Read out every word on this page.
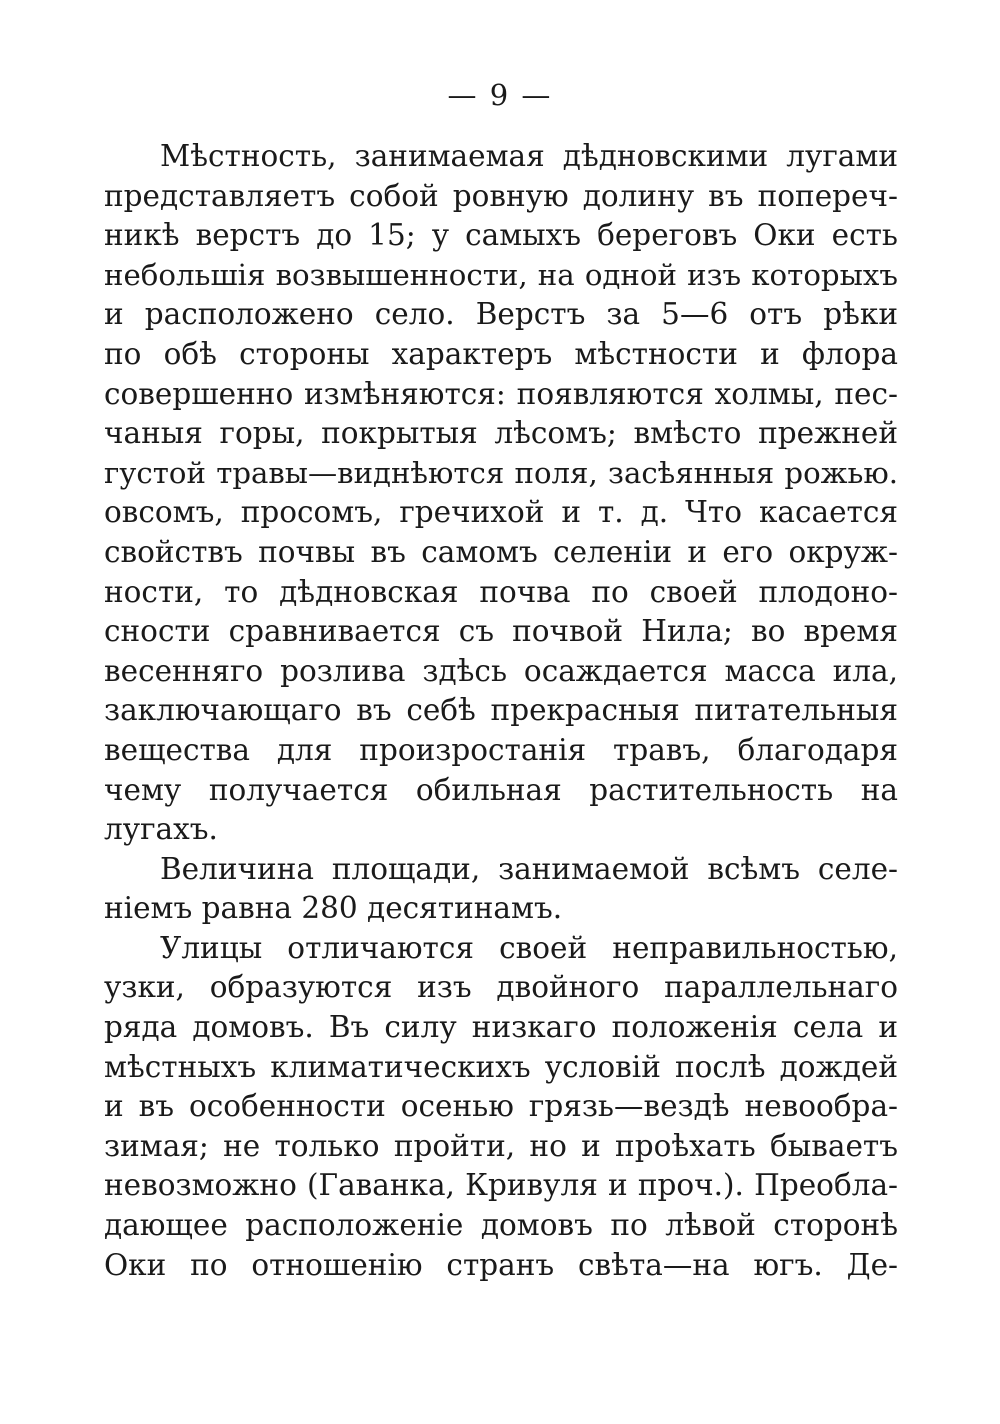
— 9 —
Мѣстность, занимаемая дѣдновскими лугами
представляетъ собой ровную долину въ попереч-
никѣ верстъ до 15; у самыхъ береговъ Оки есть
небольшія возвышенности, на одной изъ которыхъ
и расположено село. Верстъ за 5—6 отъ рѣки
по обѣ стороны характеръ мѣстности и флора
совершенно измѣняются: появляются холмы, пес-
чаныя горы, покрытыя лѣсомъ; вмѣсто прежней
густой травы—виднѣются поля, засѣянныя рожью.
овсомъ, просомъ, гречихой и т. д. Что касается
свойствъ почвы въ самомъ селеніи и его окруж-
ности, то дѣдновская почва по своей плодоно-
сности сравнивается съ почвой Нила; во время
весенняго розлива здѣсь осаждается масса ила,
заключающаго въ себѣ прекрасныя питательныя
вещества для произростанія травъ, благодаря
чему получается обильная растительность на
лугахъ.
Величина площади, занимаемой всѣмъ селе-
ніемъ равна 280 десятинамъ.
Улицы отличаются своей неправильностью,
узки, образуются изъ двойного параллельнаго
ряда домовъ. Въ силу низкаго положенія села и
мѣстныхъ климатическихъ условій послѣ дождей
и въ особенности осенью грязь—вездѣ невообра-
зимая; не только пройти, но и проѣхать бываетъ
невозможно (Гаванка, Кривуля и проч.). Преобла-
дающее расположеніе домовъ по лѣвой сторонѣ
Оки по отношенію странъ свѣта—на югъ. Де-
